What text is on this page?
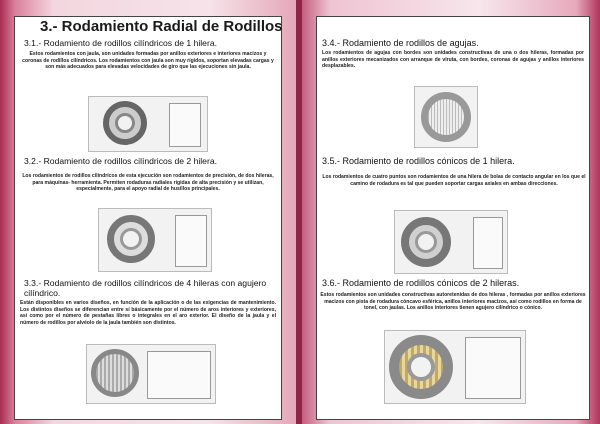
3.- Rodamiento Radial de Rodillos
3.1.- Rodamiento de rodillos cilíndricos de 1 hilera.
Estos rodamientos con jaula, son unidades formadas por anillos exteriores e interiores macizos y coronas de rodillos cilíndricos. Los rodamientos con jaula son muy rígidos, soportan elevadas cargas y son más adecuados para elevadas velocidades de giro que las ejecuciones sin jaula.
3.2.- Rodamiento de rodillos cilíndricos de 2 hilera.
Los rodamientos de rodillos cilíndricos de esta ejecución son rodamientos de precisión, de dos hileras, para máquinas- herramienta. Permiten rodaduras radiales rígidas de alta precisión y se utilizan, especialmente, para el apoyo radial de husillos principales.
3.3.- Rodamiento de rodillos cilíndricos de 4 hileras con agujero cilíndrico.
Están disponibles en varios diseños, en función de la aplicación o de las exigencias de mantenimiento. Los distintos diseños se diferencian entre sí básicamente por el número de aros interiores y exteriores, así como por el número de pestañas libres o integrales en el aro exterior. El diseño de la jaula y el número de rodillos por alvéolo de la jaula también son distintos.
3.4.- Rodamiento de rodillos de agujas.
Los rodamientos de agujas con bordes son unidades constructivas de una o dos hileras, formadas por anillos exteriores mecanizados con arranque de viruta, con bordes, coronas de agujas y anillos interiores desplazables.
3.5.- Rodamiento de rodillos cónicos de 1 hilera.
Los rodamientos de cuatro puntos son rodamientos de una hilera de bolas de contacto angular en los que el camino de rodadura es tal que pueden soportar cargas axiales en ambas direcciones.
3.6.- Rodamiento de rodillos cónicos de 2 hileras.
Estos rodamientos son unidades constructivas autoretenidas de dos hileras , formadas por anillos exteriores macizos con pista de rodadura cóncavo esférica, anillos interiores macizos, así como rodillos en forma de tonel, con jaulas. Los anillos interiores tienen agujero cilíndrico o cónico.
